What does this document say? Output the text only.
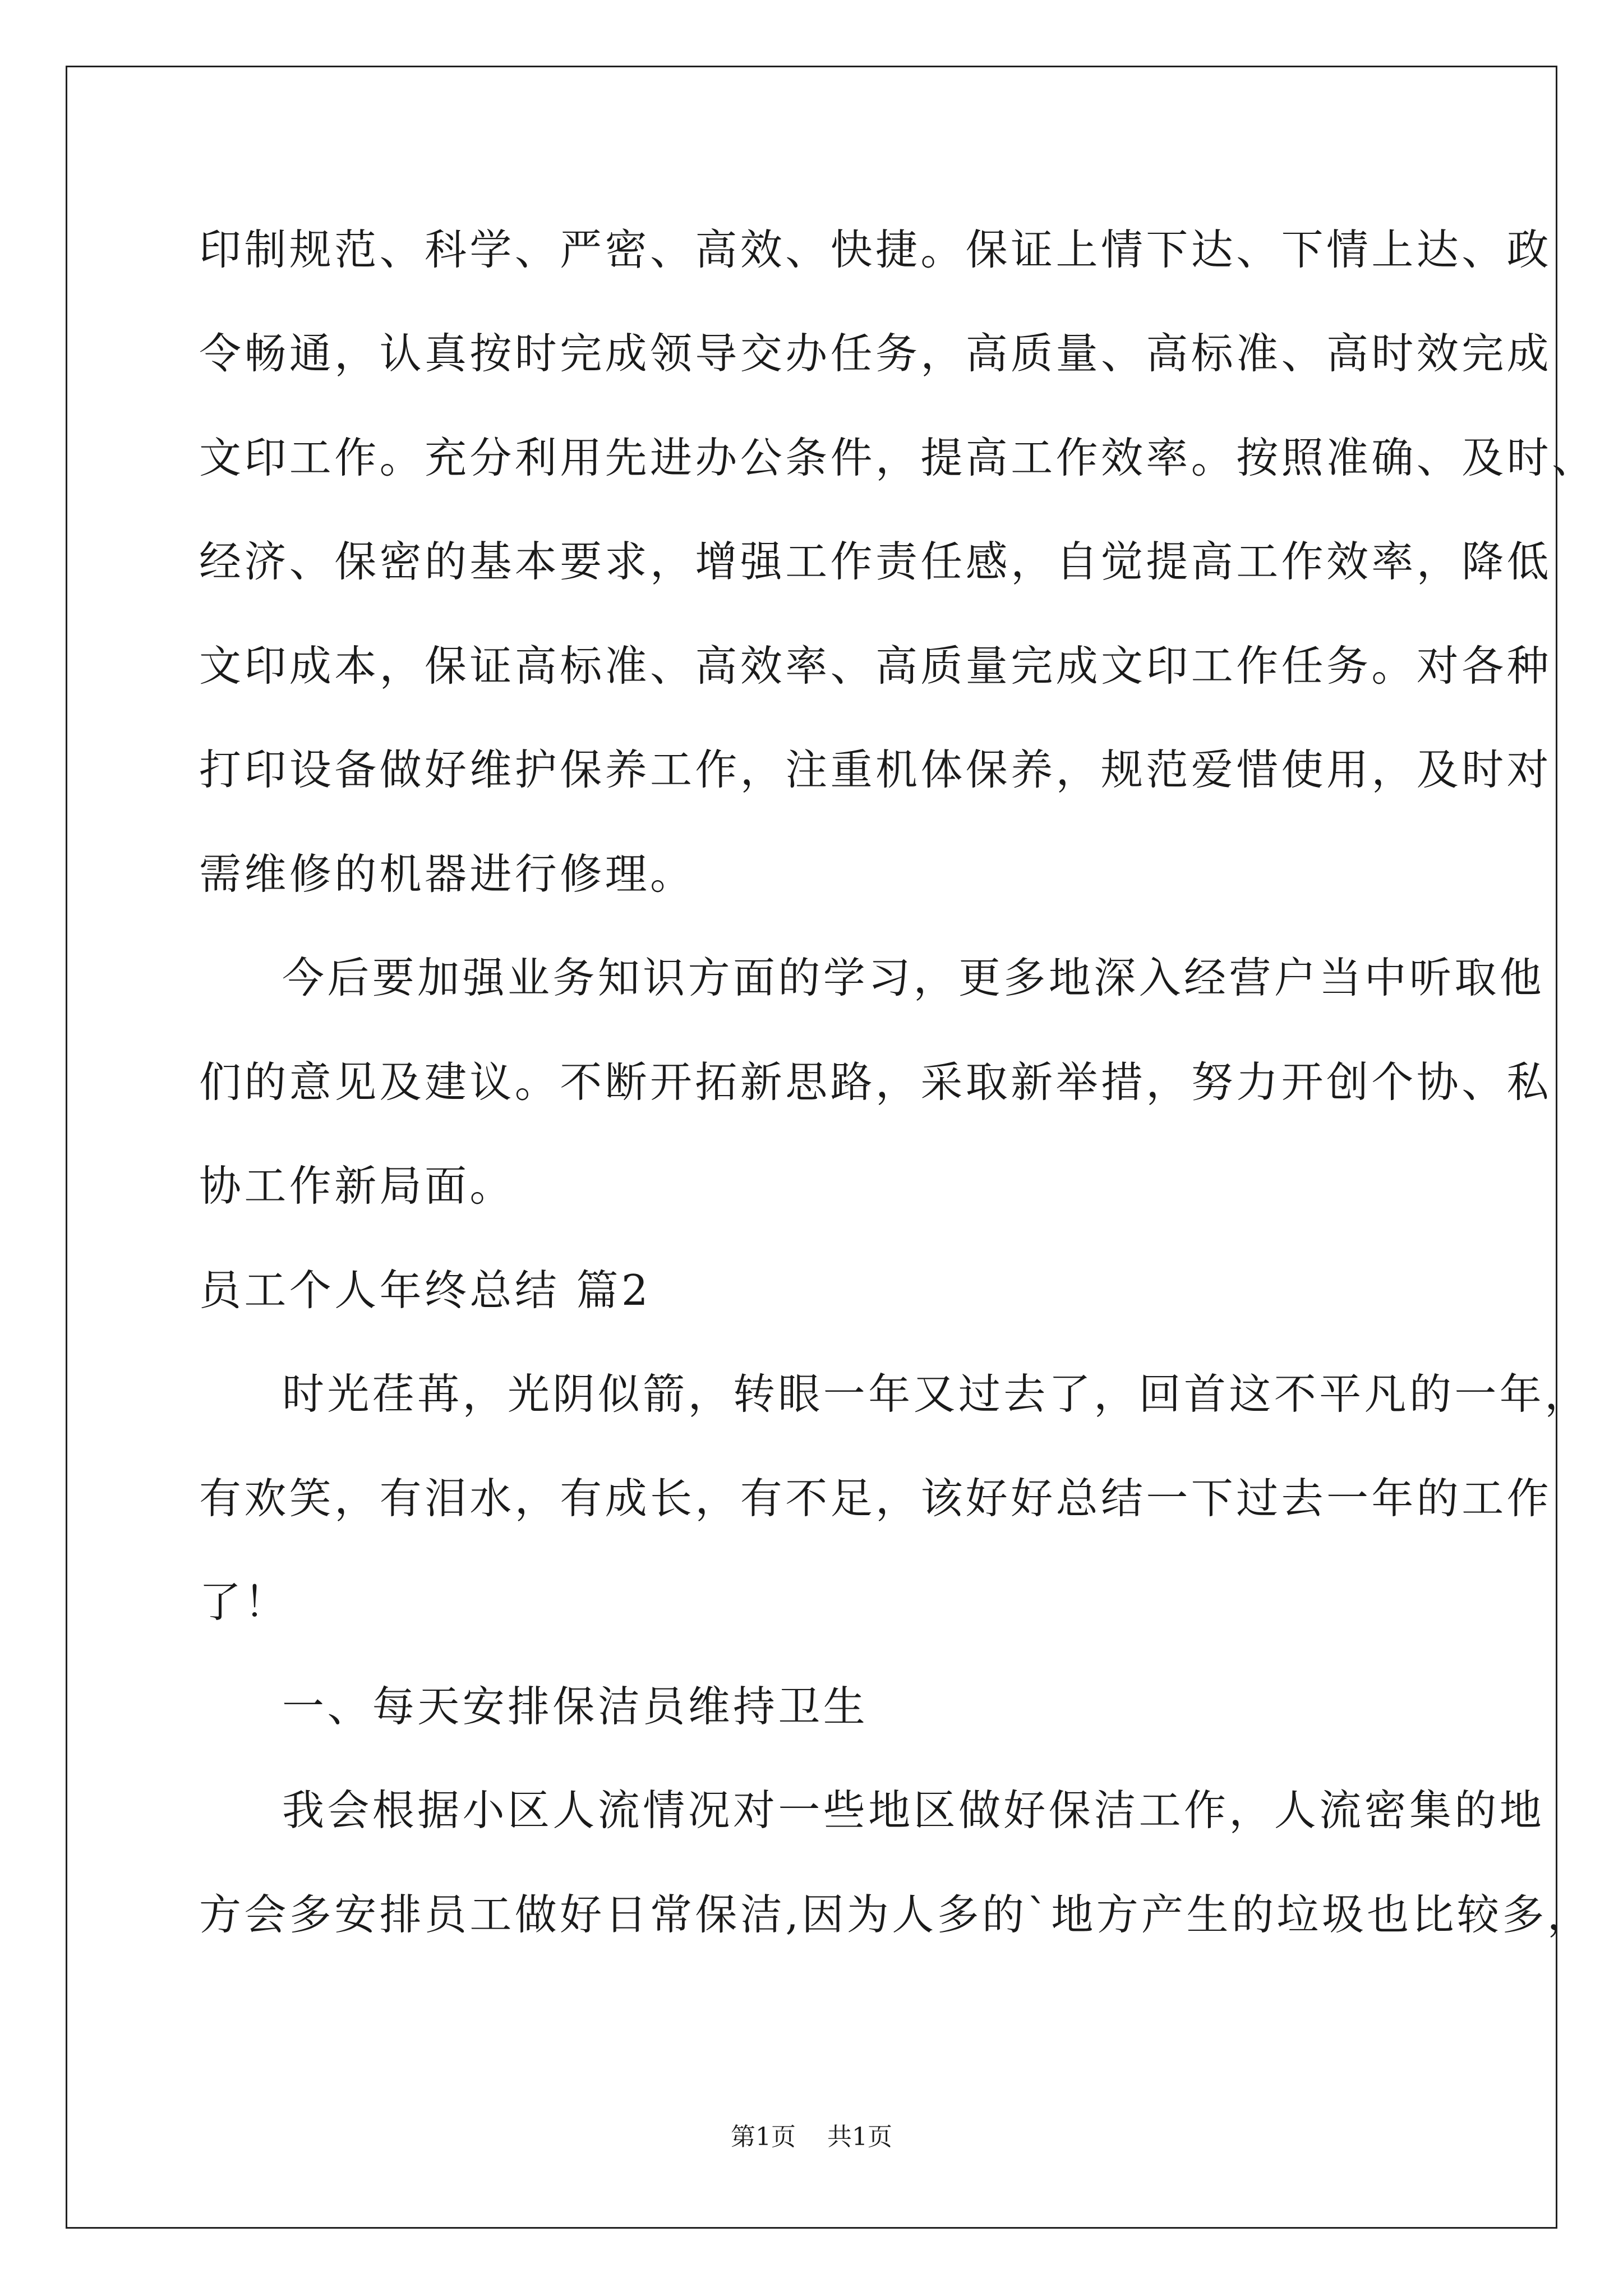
印制规范、科学、严密、高效、快捷。保证上情下达、下情上达、政
令畅通，认真按时完成领导交办任务，高质量、高标准、高时效完成
文印工作。充分利用先进办公条件，提高工作效率。按照准确、及时、
经济、保密的基本要求，增强工作责任感，自觉提高工作效率，降低
文印成本，保证高标准、高效率、高质量完成文印工作任务。对各种
打印设备做好维护保养工作，注重机体保养，规范爱惜使用，及时对
需维修的机器进行修理。
今后要加强业务知识方面的学习，更多地深入经营户当中听取他
们的意见及建议。不断开拓新思路，采取新举措，努力开创个协、私
协工作新局面。
员工个人年终总结 篇2
时光荏苒，光阴似箭，转眼一年又过去了，回首这不平凡的一年，
有欢笑，有泪水，有成长，有不足，该好好总结一下过去一年的工作
了！
一、每天安排保洁员维持卫生
我会根据小区人流情况对一些地区做好保洁工作，人流密集的地
方会多安排员工做好日常保洁,因为人多的`地方产生的垃圾也比较多，
第1页 共1页
